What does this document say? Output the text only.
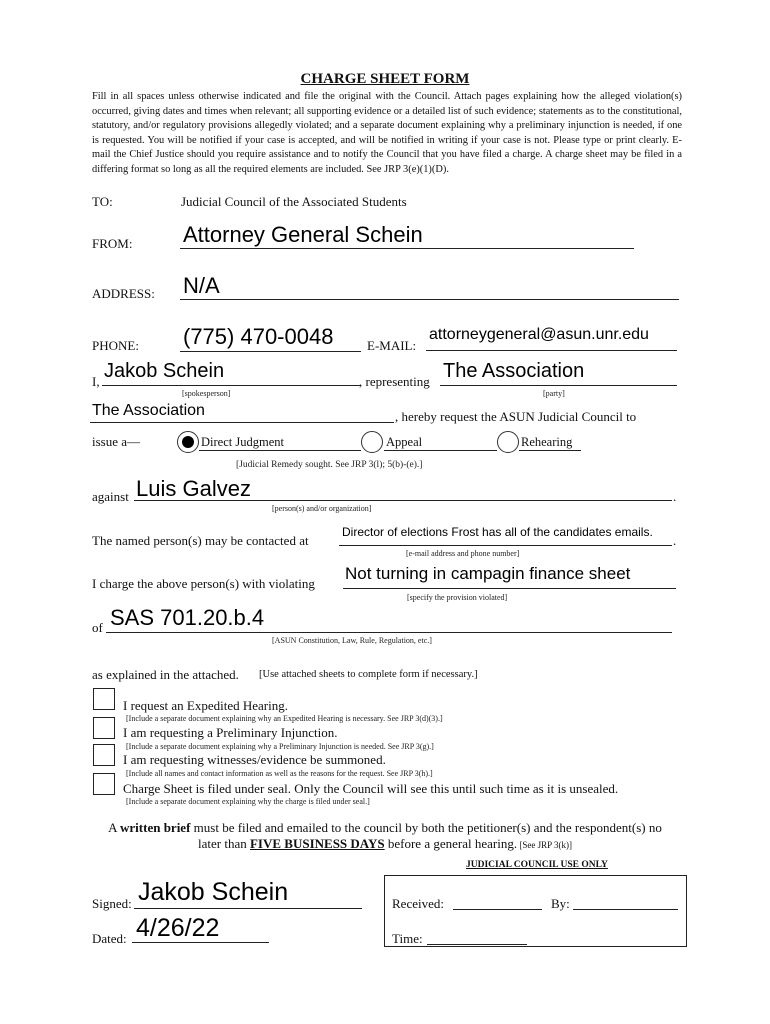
CHARGE SHEET FORM
Fill in all spaces unless otherwise indicated and file the original with the Council. Attach pages explaining how the alleged violation(s) occurred, giving dates and times when relevant; all supporting evidence or a detailed list of such evidence; statements as to the constitutional, statutory, and/or regulatory provisions allegedly violated; and a separate document explaining why a preliminary injunction is needed, if one is requested. You will be notified if your case is accepted, and will be notified in writing if your case is not. Please type or print clearly. E-mail the Chief Justice should you require assistance and to notify the Council that you have filed a charge. A charge sheet may be filed in a differing format so long as all the required elements are included. See JRP 3(e)(1)(D).
TO:	Judicial Council of the Associated Students
FROM: Attorney General Schein
ADDRESS: N/A
PHONE: (775) 470-0048	E-MAIL:
attorneygeneral@asun.unr.edu
I, Jakob Schein
[spokesperson]
, representing The Association
[party]
The Association	, hereby request the ASUN Judicial Council to
issue a—	Direct Judgment	Appeal	Rehearing
[Judicial Remedy sought. See JRP 3(l); 5(b)-(e).]
against Luis Galvez	.
[person(s) and/or organization]
The named person(s) may be contacted at
Director of elections Frost has all of the candidates emails.
.
[e-mail address and phone number]
I charge the above person(s) with violating
Not turning in campagin finance sheet
[specify the provision violated]
of SAS 701.20.b.4
[ASUN Constitution, Law, Rule, Regulation, etc.]
as explained in the attached. [Use attached sheets to complete form if necessary.]
I request an Expedited Hearing.
[Include a separate document explaining why an Expedited Hearing is necessary. See JRP 3(d)(3).]
I am requesting a Preliminary Injunction.
[Include a separate document explaining why a Preliminary Injunction is needed. See JRP 3(g).]
I am requesting witnesses/evidence be summoned.
[Include all names and contact information as well as the reasons for the request. See JRP 3(h).]
Charge Sheet is filed under seal. Only the Council will see this until such time as it is unsealed.
[Include a separate document explaining why the charge is filed under seal.]
A written brief must be filed and emailed to the council by both the petitioner(s) and the respondent(s) no
later than FIVE BUSINESS DAYS before a general hearing. [See JRP 3(k)]
JUDICIAL COUNCIL USE ONLY
Received:	By:
Time:
Signed: Jakob Schein
Dated: 4/26/22
